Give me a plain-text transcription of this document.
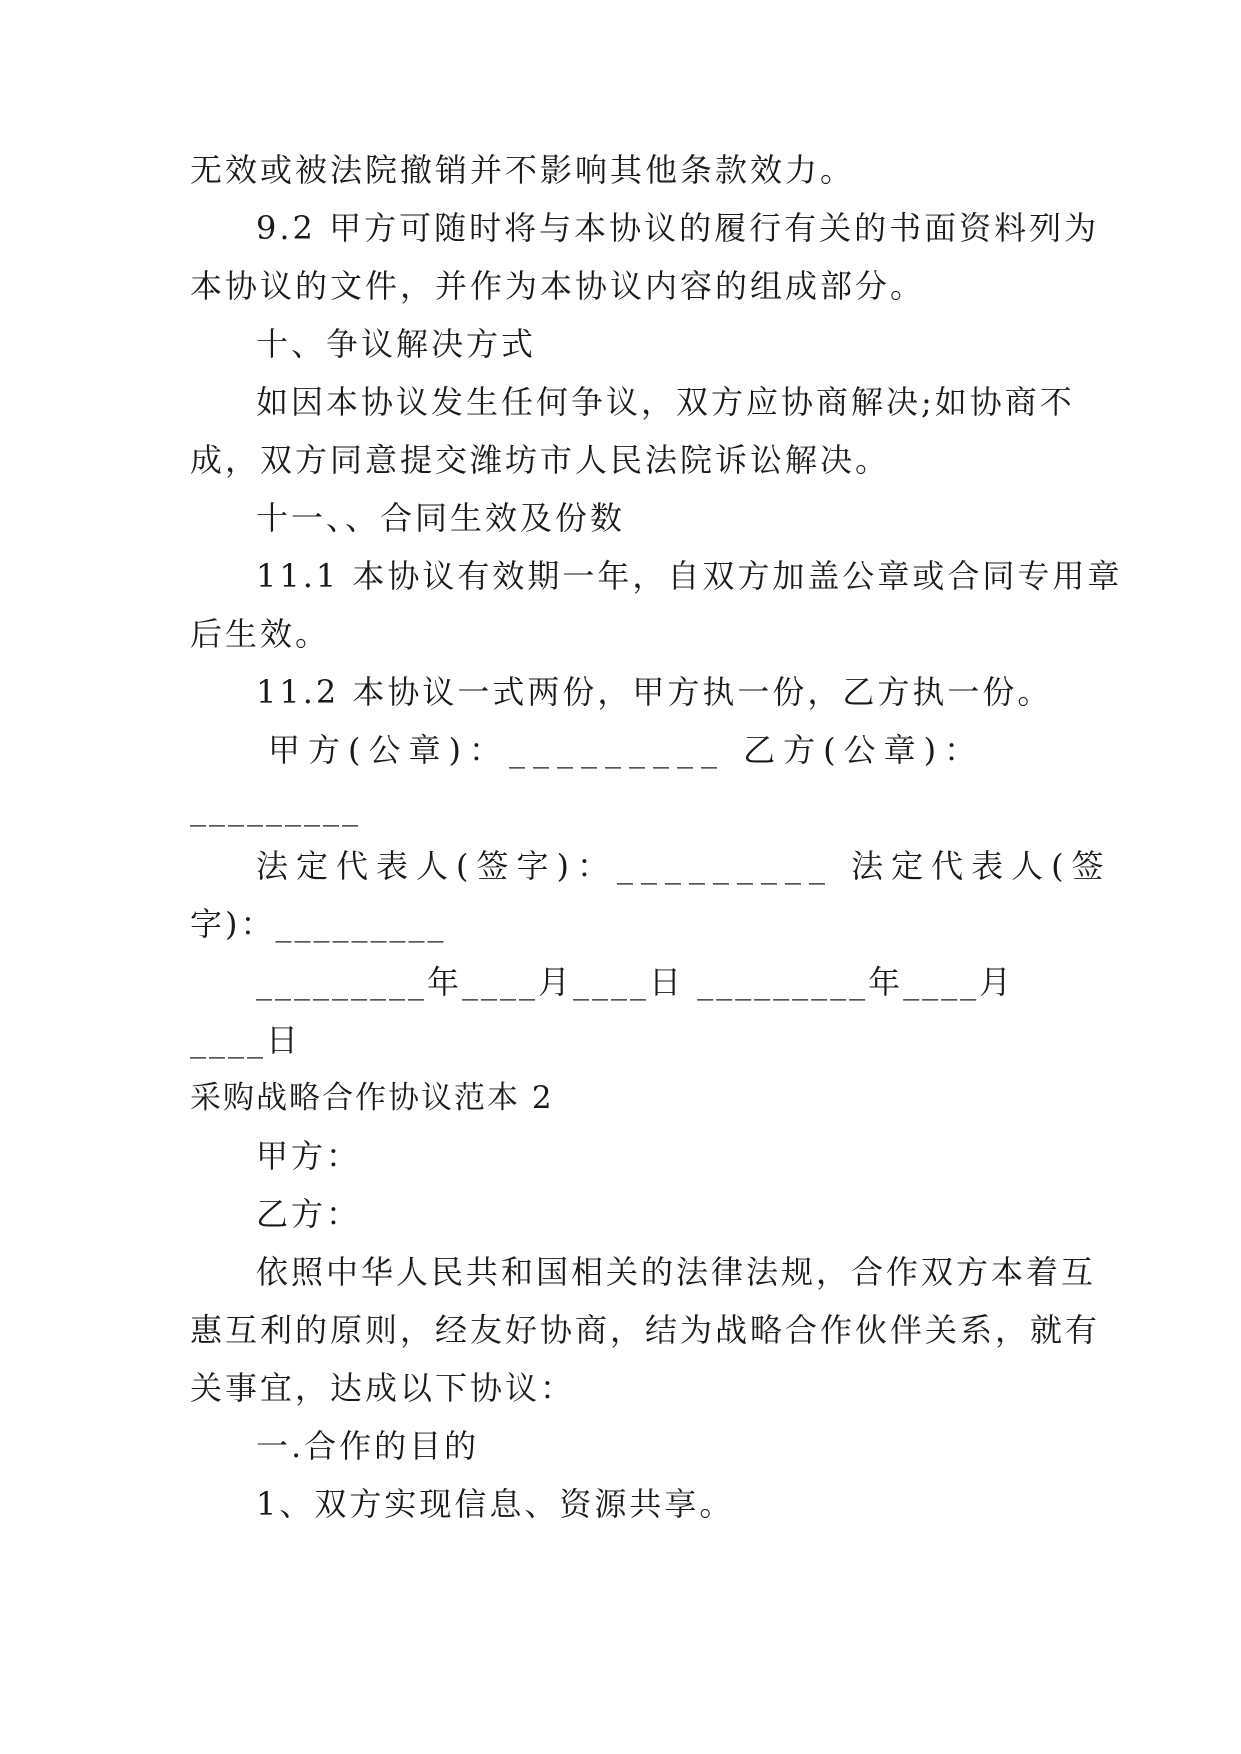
无效或被法院撤销并不影响其他条款效力。
9.2 甲方可随时将与本协议的履行有关的书面资料列为
本协议的文件，并作为本协议内容的组成部分。
十、争议解决方式
如因本协议发生任何争议，双方应协商解决;如协商不
成，双方同意提交潍坊市人民法院诉讼解决。
十一、、合同生效及份数
11.1 本协议有效期一年，自双方加盖公章或合同专用章
后生效。
11.2 本协议一式两份，甲方执一份，乙方执一份。
甲方(公章)：_________ 乙方(公章)：
_________
法定代表人(签字)：_________ 法定代表人(签
字)：_________
_________年____月____日 _________年____月
____日
采购战略合作协议范本 2
甲方：
乙方：
依照中华人民共和国相关的法律法规，合作双方本着互
惠互利的原则，经友好协商，结为战略合作伙伴关系，就有
关事宜，达成以下协议：
一.合作的目的
1、双方实现信息、资源共享。
